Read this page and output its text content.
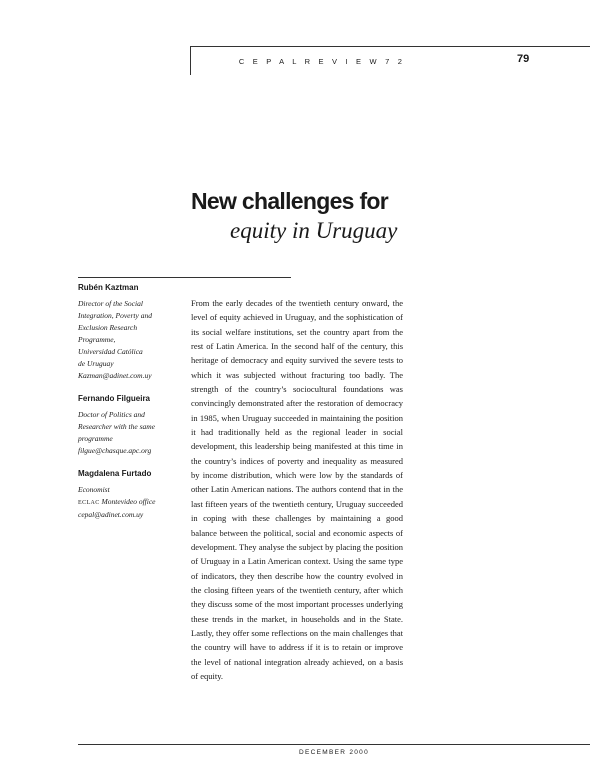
C E P A L R E V I E W 7 2	79
New challenges for
equity in Uruguay
Rubén Kaztman
Director of the Social
Integration, Poverty and
Exclusion Research
Programme,
Universidad Católica
de Uruguay
Kazman@adinet.com.uy
Fernando Filgueira
Doctor of Politics and
Researcher with the same
programme
filgue@chasque.apc.org
Magdalena Furtado
Economist
ECLAC Montevideo office
cepal@adinet.com.uy
From the early decades of the twentieth century onward, the level of equity achieved in Uruguay, and the sophistication of its social welfare institutions, set the country apart from the rest of Latin America. In the second half of the century, this heritage of democracy and equity survived the severe tests to which it was subjected without fracturing too badly. The strength of the country’s sociocultural foundations was convincingly demonstrated after the restoration of democracy in 1985, when Uruguay succeeded in maintaining the position it had traditionally held as the regional leader in social development, this leadership being manifested at this time in the country’s indices of poverty and inequality as measured by income distribution, which were low by the standards of other Latin American nations. The authors contend that in the last fifteen years of the twentieth century, Uruguay succeeded in coping with these challenges by maintaining a good balance between the political, social and economic aspects of development. They analyse the subject by placing the position of Uruguay in a Latin American context. Using the same type of indicators, they then describe how the country evolved in the closing fifteen years of the twentieth century, after which they discuss some of the most important processes underlying these trends in the market, in households and in the State. Lastly, they offer some reflections on the main challenges that the country will have to address if it is to retain or improve the level of national integration already achieved, on a basis of equity.
DECEMBER 2000
